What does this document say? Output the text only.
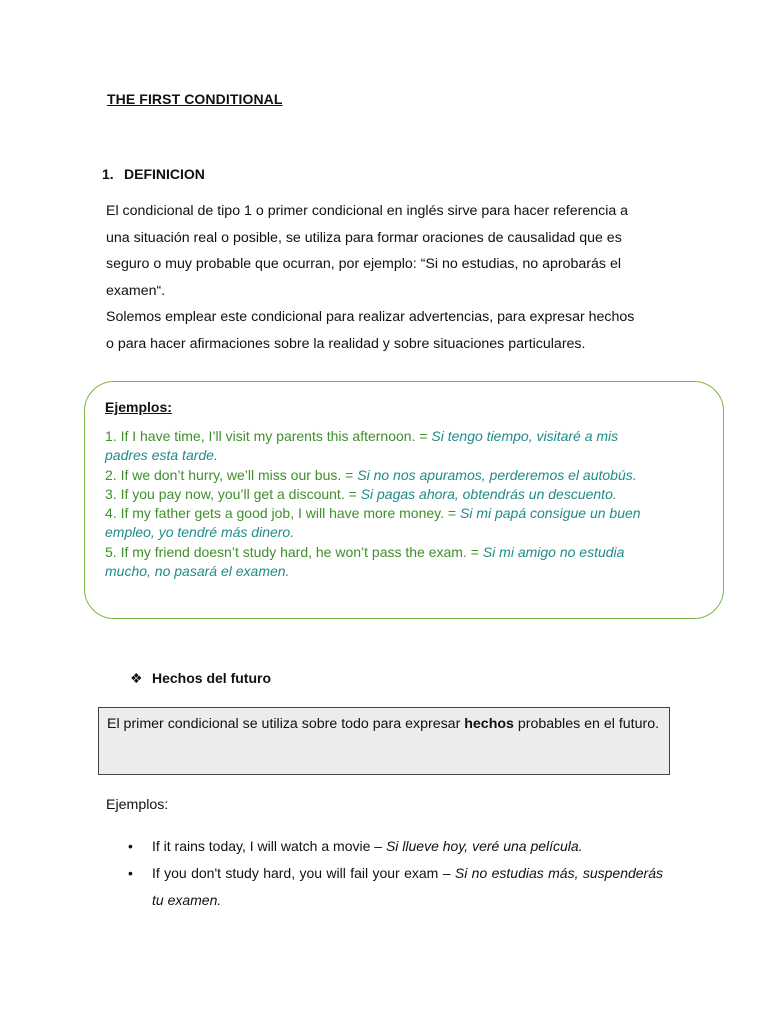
THE FIRST CONDITIONAL
1. DEFINICION
El condicional de tipo 1 o primer condicional en inglés sirve para hacer referencia a
una situación real o posible, se utiliza para formar oraciones de causalidad que es
seguro o muy probable que ocurran, por ejemplo: “Si no estudias, no aprobarás el
examen“.
Solemos emplear este condicional para realizar advertencias, para expresar hechos
o para hacer afirmaciones sobre la realidad y sobre situaciones particulares.
Ejemplos:

1. If I have time, I’ll visit my parents this afternoon. = Si tengo tiempo, visitaré a mis

padres esta tarde.

2. If we don’t hurry, we’ll miss our bus. = Si no nos apuramos, perderemos el autobús.

3. If you pay now, you’ll get a discount. = Si pagas ahora, obtendrás un descuento.

4. If my father gets a good job, I will have more money. = Si mi papá consigue un buen

empleo, yo tendré más dinero.

5. If my friend doesn’t study hard, he won’t pass the exam. = Si mi amigo no estudia

mucho, no pasará el examen.

❖ Hechos del futuro
El primer condicional se utiliza sobre todo para expresar hechos probables en el futuro.
Ejemplos:
• If it rains today, I will watch a movie – Si llueve hoy, veré una película.
• If you don't study hard, you will fail your exam – Si no estudias más, suspenderás tu examen.
